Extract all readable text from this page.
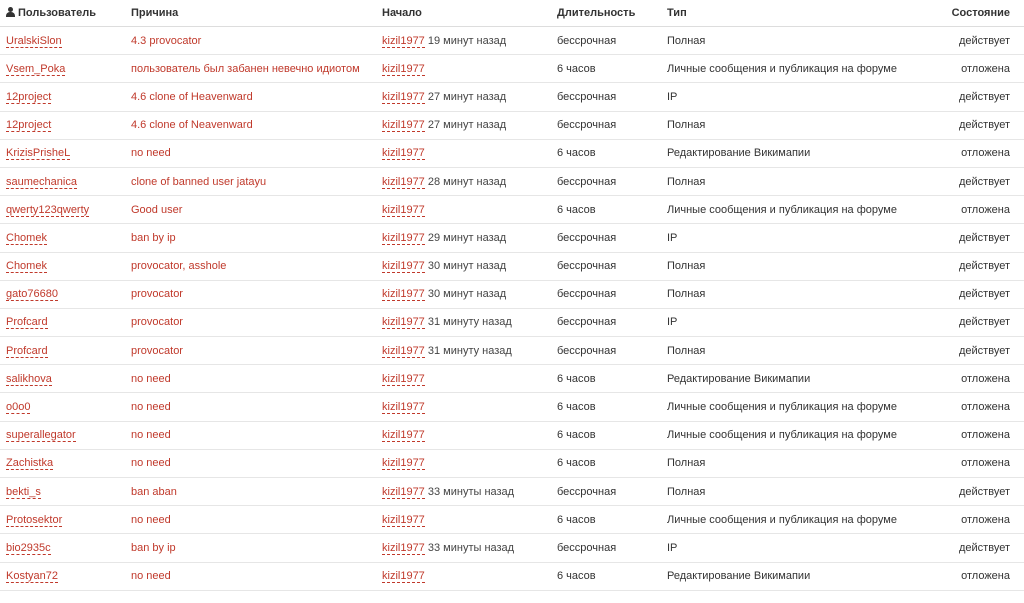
Пользователь	Причина	Начало	Длительность	Тип	Состояние
UralskiSlon	4.3 provocator	kizil1977 19 минут назад	бессрочная	Полная	действует
Vsem_Poka	пользователь был забанен невечно идиотом	kizil1977	6 часов	Личные сообщения и публикация на форуме	отложена
12project	4.6 clone of Heavenward	kizil1977 27 минут назад	бессрочная	IP	действует
12project	4.6 clone of Neavenward	kizil1977 27 минут назад	бессрочная	Полная	действует
KrizisPrisheL	no need	kizil1977	6 часов	Редактирование Викимапии	отложена
saumechanica	clone of banned user jatayu	kizil1977 28 минут назад	бессрочная	Полная	действует
qwerty123qwerty	Good user	kizil1977	6 часов	Личные сообщения и публикация на форуме	отложена
Chomek	ban by ip	kizil1977 29 минут назад	бессрочная	IP	действует
Chomek	provocator, asshole	kizil1977 30 минут назад	бессрочная	Полная	действует
gato76680	provocator	kizil1977 30 минут назад	бессрочная	Полная	действует
Profcard	provocator	kizil1977 31 минуту назад	бессрочная	IP	действует
Profcard	provocator	kizil1977 31 минуту назад	бессрочная	Полная	действует
salikhova	no need	kizil1977	6 часов	Редактирование Викимапии	отложена
o0o0	no need	kizil1977	6 часов	Личные сообщения и публикация на форуме	отложена
superallegator	no need	kizil1977	6 часов	Личные сообщения и публикация на форуме	отложена
Zachistka	no need	kizil1977	6 часов	Полная	отложена
bekti_s	ban aban	kizil1977 33 минуты назад	бессрочная	Полная	действует
Protosektor	no need	kizil1977	6 часов	Личные сообщения и публикация на форуме	отложена
bio2935c	ban by ip	kizil1977 33 минуты назад	бессрочная	IP	действует
Kostyan72	no need	kizil1977	6 часов	Редактирование Викимапии	отложена
